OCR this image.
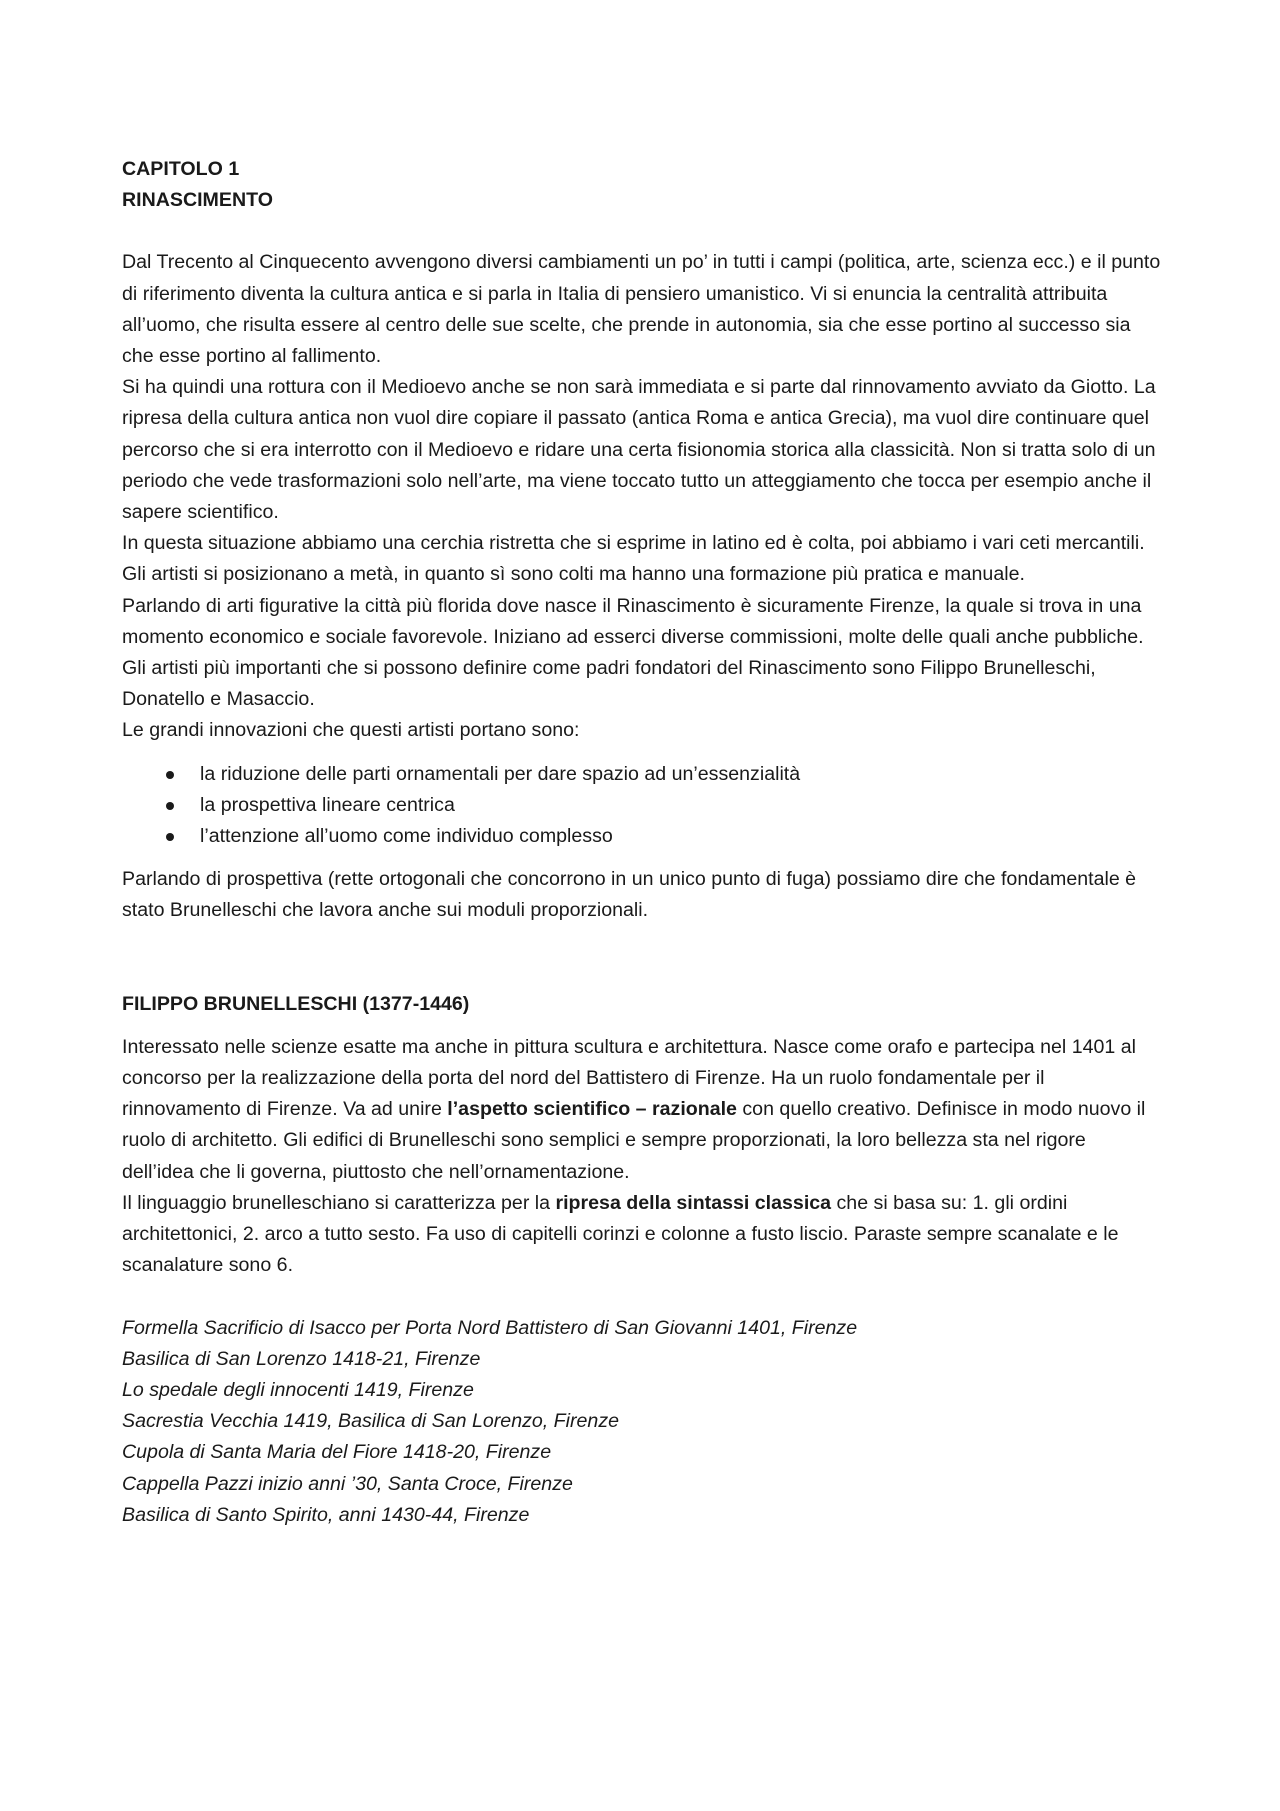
CAPITOLO 1

RINASCIMENTO

Dal Trecento al Cinquecento avvengono diversi cambiamenti un po’ in tutti i campi (politica, arte, scienza ecc.) e il punto di riferimento diventa la cultura antica e si parla in Italia di pensiero umanistico. Vi si enuncia la centralità attribuita all’uomo, che risulta essere al centro delle sue scelte, che prende in autonomia, sia che esse portino al successo sia che esse portino al fallimento.

Si ha quindi una rottura con il Medioevo anche se non sarà immediata e si parte dal rinnovamento avviato da Giotto. La ripresa della cultura antica non vuol dire copiare il passato (antica Roma e antica Grecia), ma vuol dire continuare quel percorso che si era interrotto con il Medioevo e ridare una certa fisionomia storica alla classicità. Non si tratta solo di un periodo che vede trasformazioni solo nell’arte, ma viene toccato tutto un atteggiamento che tocca per esempio anche il sapere scientifico.

In questa situazione abbiamo una cerchia ristretta che si esprime in latino ed è colta, poi abbiamo i vari ceti mercantili. Gli artisti si posizionano a metà, in quanto sì sono colti ma hanno una formazione più pratica e manuale.

Parlando di arti figurative la città più florida dove nasce il Rinascimento è sicuramente Firenze, la quale si trova in una momento economico e sociale favorevole. Iniziano ad esserci diverse commissioni, molte delle quali anche pubbliche. Gli artisti più importanti che si possono definire come padri fondatori del Rinascimento sono Filippo Brunelleschi, Donatello e Masaccio.

Le grandi innovazioni che questi artisti portano sono:

la riduzione delle parti ornamentali per dare spazio ad un’essenzialità
la prospettiva lineare centrica
l’attenzione all’uomo come individuo complesso

Parlando di prospettiva (rette ortogonali che concorrono in un unico punto di fuga) possiamo dire che fondamentale è stato Brunelleschi che lavora anche sui moduli proporzionali.

FILIPPO BRUNELLESCHI (1377-1446)

Interessato nelle scienze esatte ma anche in pittura scultura e architettura. Nasce come orafo e partecipa nel 1401 al concorso per la realizzazione della porta del nord del Battistero di Firenze. Ha un ruolo fondamentale per il rinnovamento di Firenze. Va ad unire l’aspetto scientifico – razionale con quello creativo. Definisce in modo nuovo il ruolo di architetto. Gli edifici di Brunelleschi sono semplici e sempre proporzionati, la loro bellezza sta nel rigore dell’idea che li governa, piuttosto che nell’ornamentazione.

Il linguaggio brunelleschiano si caratterizza per la ripresa della sintassi classica che si basa su: 1. gli ordini architettonici, 2. arco a tutto sesto. Fa uso di capitelli corinzi e colonne a fusto liscio. Paraste sempre scanalate e le scanalature sono 6.

Formella Sacrificio di Isacco per Porta Nord Battistero di San Giovanni 1401, Firenze

Basilica di San Lorenzo 1418-21, Firenze

Lo spedale degli innocenti 1419, Firenze

Sacrestia Vecchia 1419, Basilica di San Lorenzo, Firenze

Cupola di Santa Maria del Fiore 1418-20, Firenze

Cappella Pazzi inizio anni ’30, Santa Croce, Firenze

Basilica di Santo Spirito, anni 1430-44, Firenze
